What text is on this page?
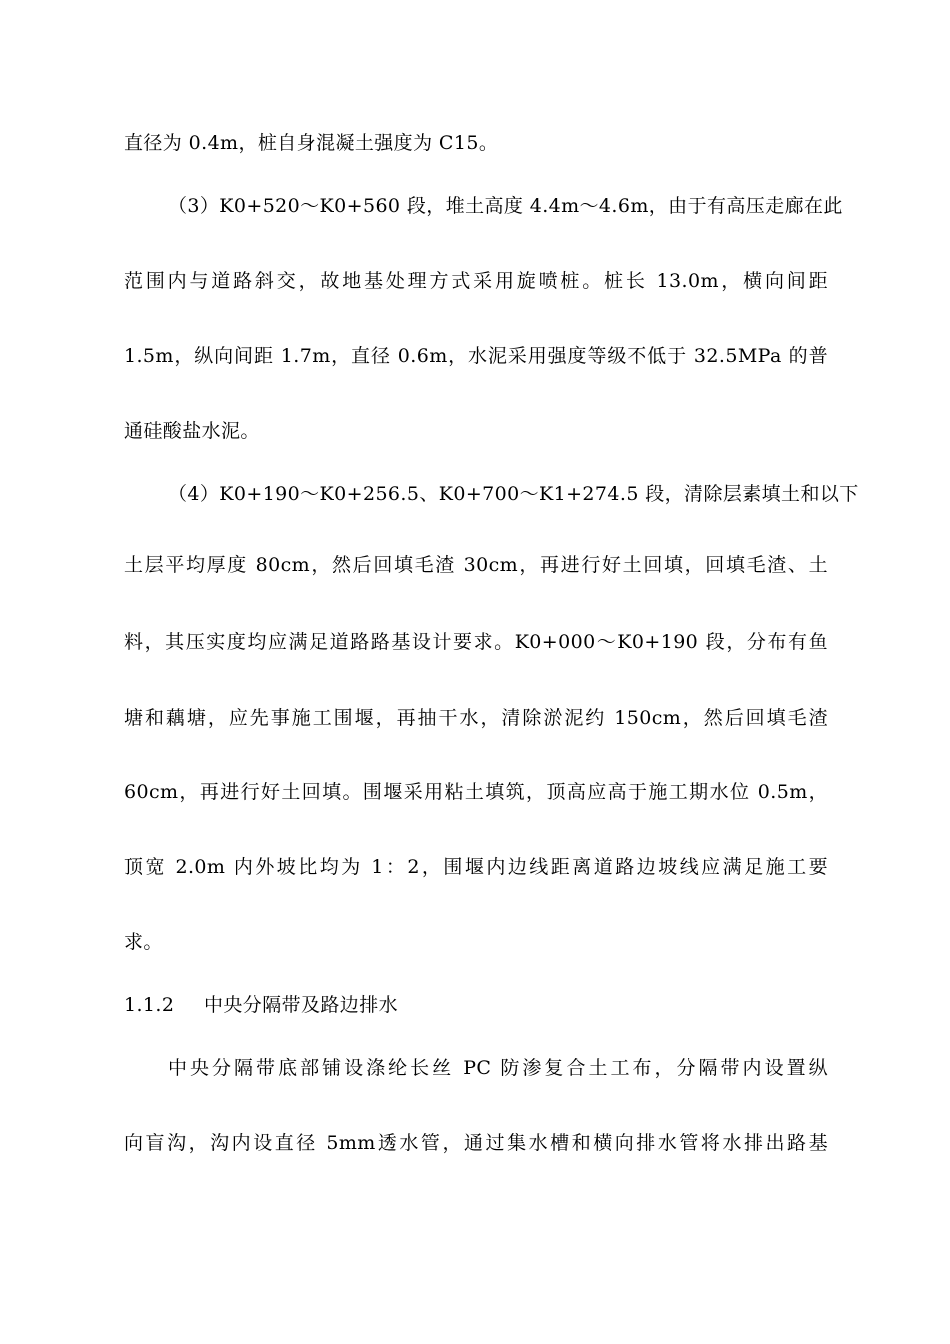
直径为 0.4m，桩自身混凝土强度为 C15。
（3）K0+520～K0+560 段，堆土高度 4.4m～4.6m，由于有高压走廊在此
范围内与道路斜交，故地基处理方式采用旋喷桩。桩长 13.0m，横向间距
1.5m，纵向间距 1.7m，直径 0.6m，水泥采用强度等级不低于 32.5MPa 的普
通硅酸盐水泥。
（4）K0+190～K0+256.5、K0+700～K1+274.5 段，清除层素填土和以下
土层平均厚度 80cm，然后回填毛渣 30cm，再进行好土回填，回填毛渣、土
料，其压实度均应满足道路路基设计要求。K0+000～K0+190 段，分布有鱼
塘和藕塘，应先事施工围堰，再抽干水，清除淤泥约 150cm，然后回填毛渣
60cm，再进行好土回填。围堰采用粘土填筑，顶高应高于施工期水位 0.5m，
顶宽 2.0m 内外坡比均为 1：2，围堰内边线距离道路边坡线应满足施工要
求。
1.1.2 中央分隔带及路边排水
中央分隔带底部铺设涤纶长丝 PC 防渗复合土工布，分隔带内设置纵
向盲沟，沟内设直径 5mm透水管，通过集水槽和横向排水管将水排出路基
